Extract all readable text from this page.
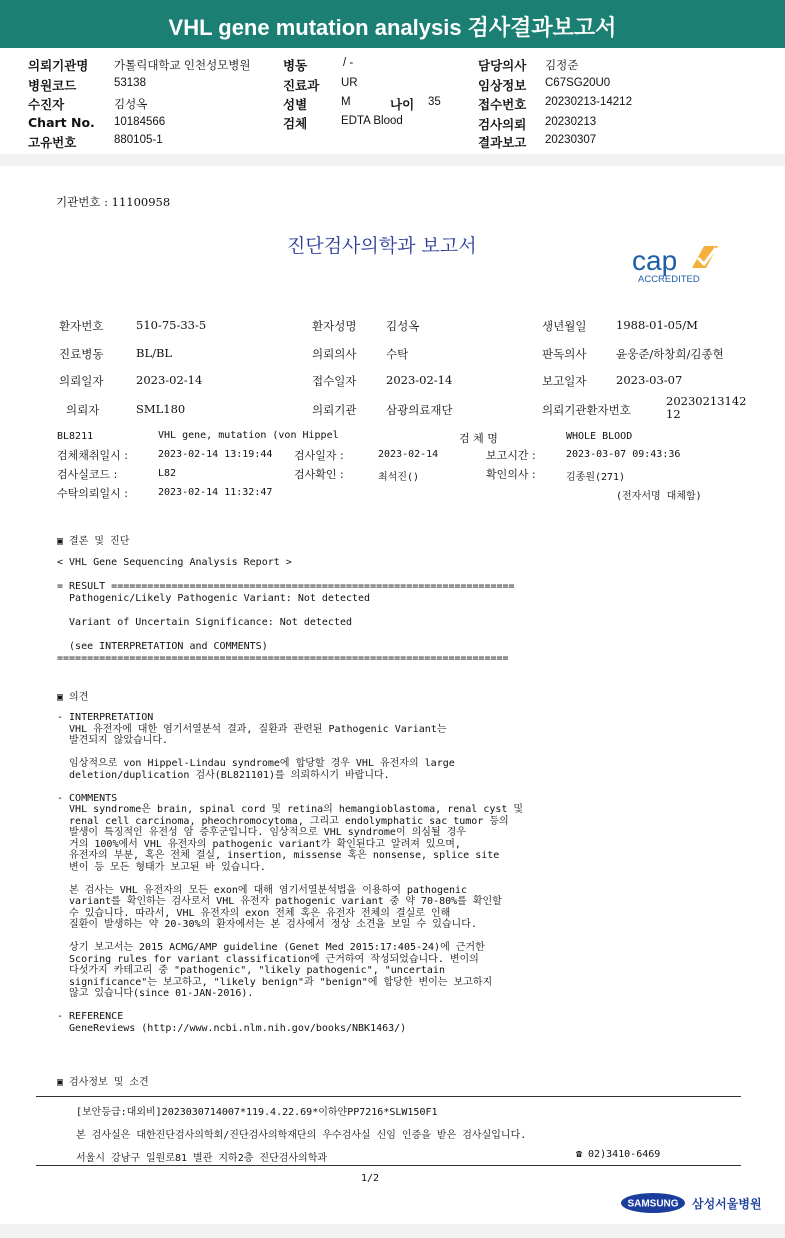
VHL gene mutation analysis 검사결과보고서
의뢰기관명 가톨릭대학교 인천성모병원
병원코드	53138
수진자	김성옥
Chart No. 10184566
고유번호	880105-1
병동	/ -
진료과 UR
성별	M	나이 35
검체	EDTA Blood
담당의사 김정준
임상정보 C67SG20U0
접수번호 20230213-14212
검사의뢰 20230213
결과보고 20230307
기관번호 : 11100958
진단검사의학과 보고서	cap
ACCREDITED
환자번호	510-75-33-5	환자성명	김성옥	생년월일	1988-01-05/M
진료병동	BL/BL	의뢰의사	수탁	판독의사	윤웅준/하창희/김종현
의뢰일자	2023-02-14	접수일자	2023-02-14	보고일자	2023-03-07
의뢰자	SML180	의뢰기관	삼광의료재단	의뢰기관환자번호
20230213142 12
BL8211	VHL gene, mutation (von Hippel	검 체 명	WHOLE BLOOD
검체채취일시 :	2023-02-14 13:19:44 검사일자 :	2023-02-14	보고시간 :	2023-03-07 09:43:36
검사실코드 :	L82	검사확인 :	최석진()	확인의사 :	김종원(271)
수탁의뢰일시 :	2023-02-14 11:32:47	(전자서명 대체함)
▣ 결론 및 진단
< VHL Gene Sequencing Analysis Report >
= RESULT ===================================================================
Pathogenic/Likely Pathogenic Variant: Not detected
Variant of Uncertain Significance: Not detected
(see INTERPRETATION and COMMENTS)
===========================================================================
▣ 의견
- INTERPRETATION
VHL 유전자에 대한 염기서열분석 결과, 질환과 관련된 Pathogenic Variant는
발견되지 않았습니다.
임상적으로 von Hippel-Lindau syndrome에 합당할 경우 VHL 유전자의 large
deletion/duplication 검사(BL821101)를 의뢰하시기 바랍니다.
- COMMENTS
VHL syndrome은 brain, spinal cord 및 retina의 hemangioblastoma, renal cyst 및
renal cell carcinoma, pheochromocytoma, 그리고 endolymphatic sac tumor 등의
발생이 특징적인 유전성 암 증후군입니다. 임상적으로 VHL syndrome이 의심될 경우
거의 100%에서 VHL 유전자의 pathogenic variant가 확인된다고 알려져 있으며,
유전자의 부분, 혹은 전체 결실, insertion, missense 혹은 nonsense, splice site
변이 등 모든 형태가 보고된 바 있습니다.
본 검사는 VHL 유전자의 모든 exon에 대해 염기서열분석법을 이용하여 pathogenic
variant를 확인하는 검사로서 VHL 유전자 pathogenic variant 중 약 70-80%를 확인할
수 있습니다. 따라서, VHL 유전자의 exon 전체 혹은 유전자 전체의 결실로 인해
질환이 발생하는 약 20-30%의 환자에서는 본 검사에서 정상 소견을 보일 수 있습니다.
상기 보고서는 2015 ACMG/AMP guideline (Genet Med 2015:17:405-24)에 근거한
Scoring rules for variant classification에 근거하여 작성되었습니다. 변이의
다섯가지 카테고리 중 "pathogenic", "likely pathogenic", "uncertain
significance"는 보고하고, "likely benign"과 "benign"에 합당한 변이는 보고하지
않고 있습니다(since 01-JAN-2016).
- REFERENCE
GeneReviews (http://www.ncbi.nlm.nih.gov/books/NBK1463/)
▣ 검사정보 및 소견
[보안등급:대외비]2023030714007*119.4.22.69*이하얀PP7216*SLW150F1
본 검사실은 대한진단검사의학회/진단검사의학재단의 우수검사실 신임 인증을 받은 검사실입니다.
서울시 강남구 일원로81 별관 지하2층 진단검사의학과	☎ 02)3410-6469
1/2
SAMSUNG 삼성서울병원
